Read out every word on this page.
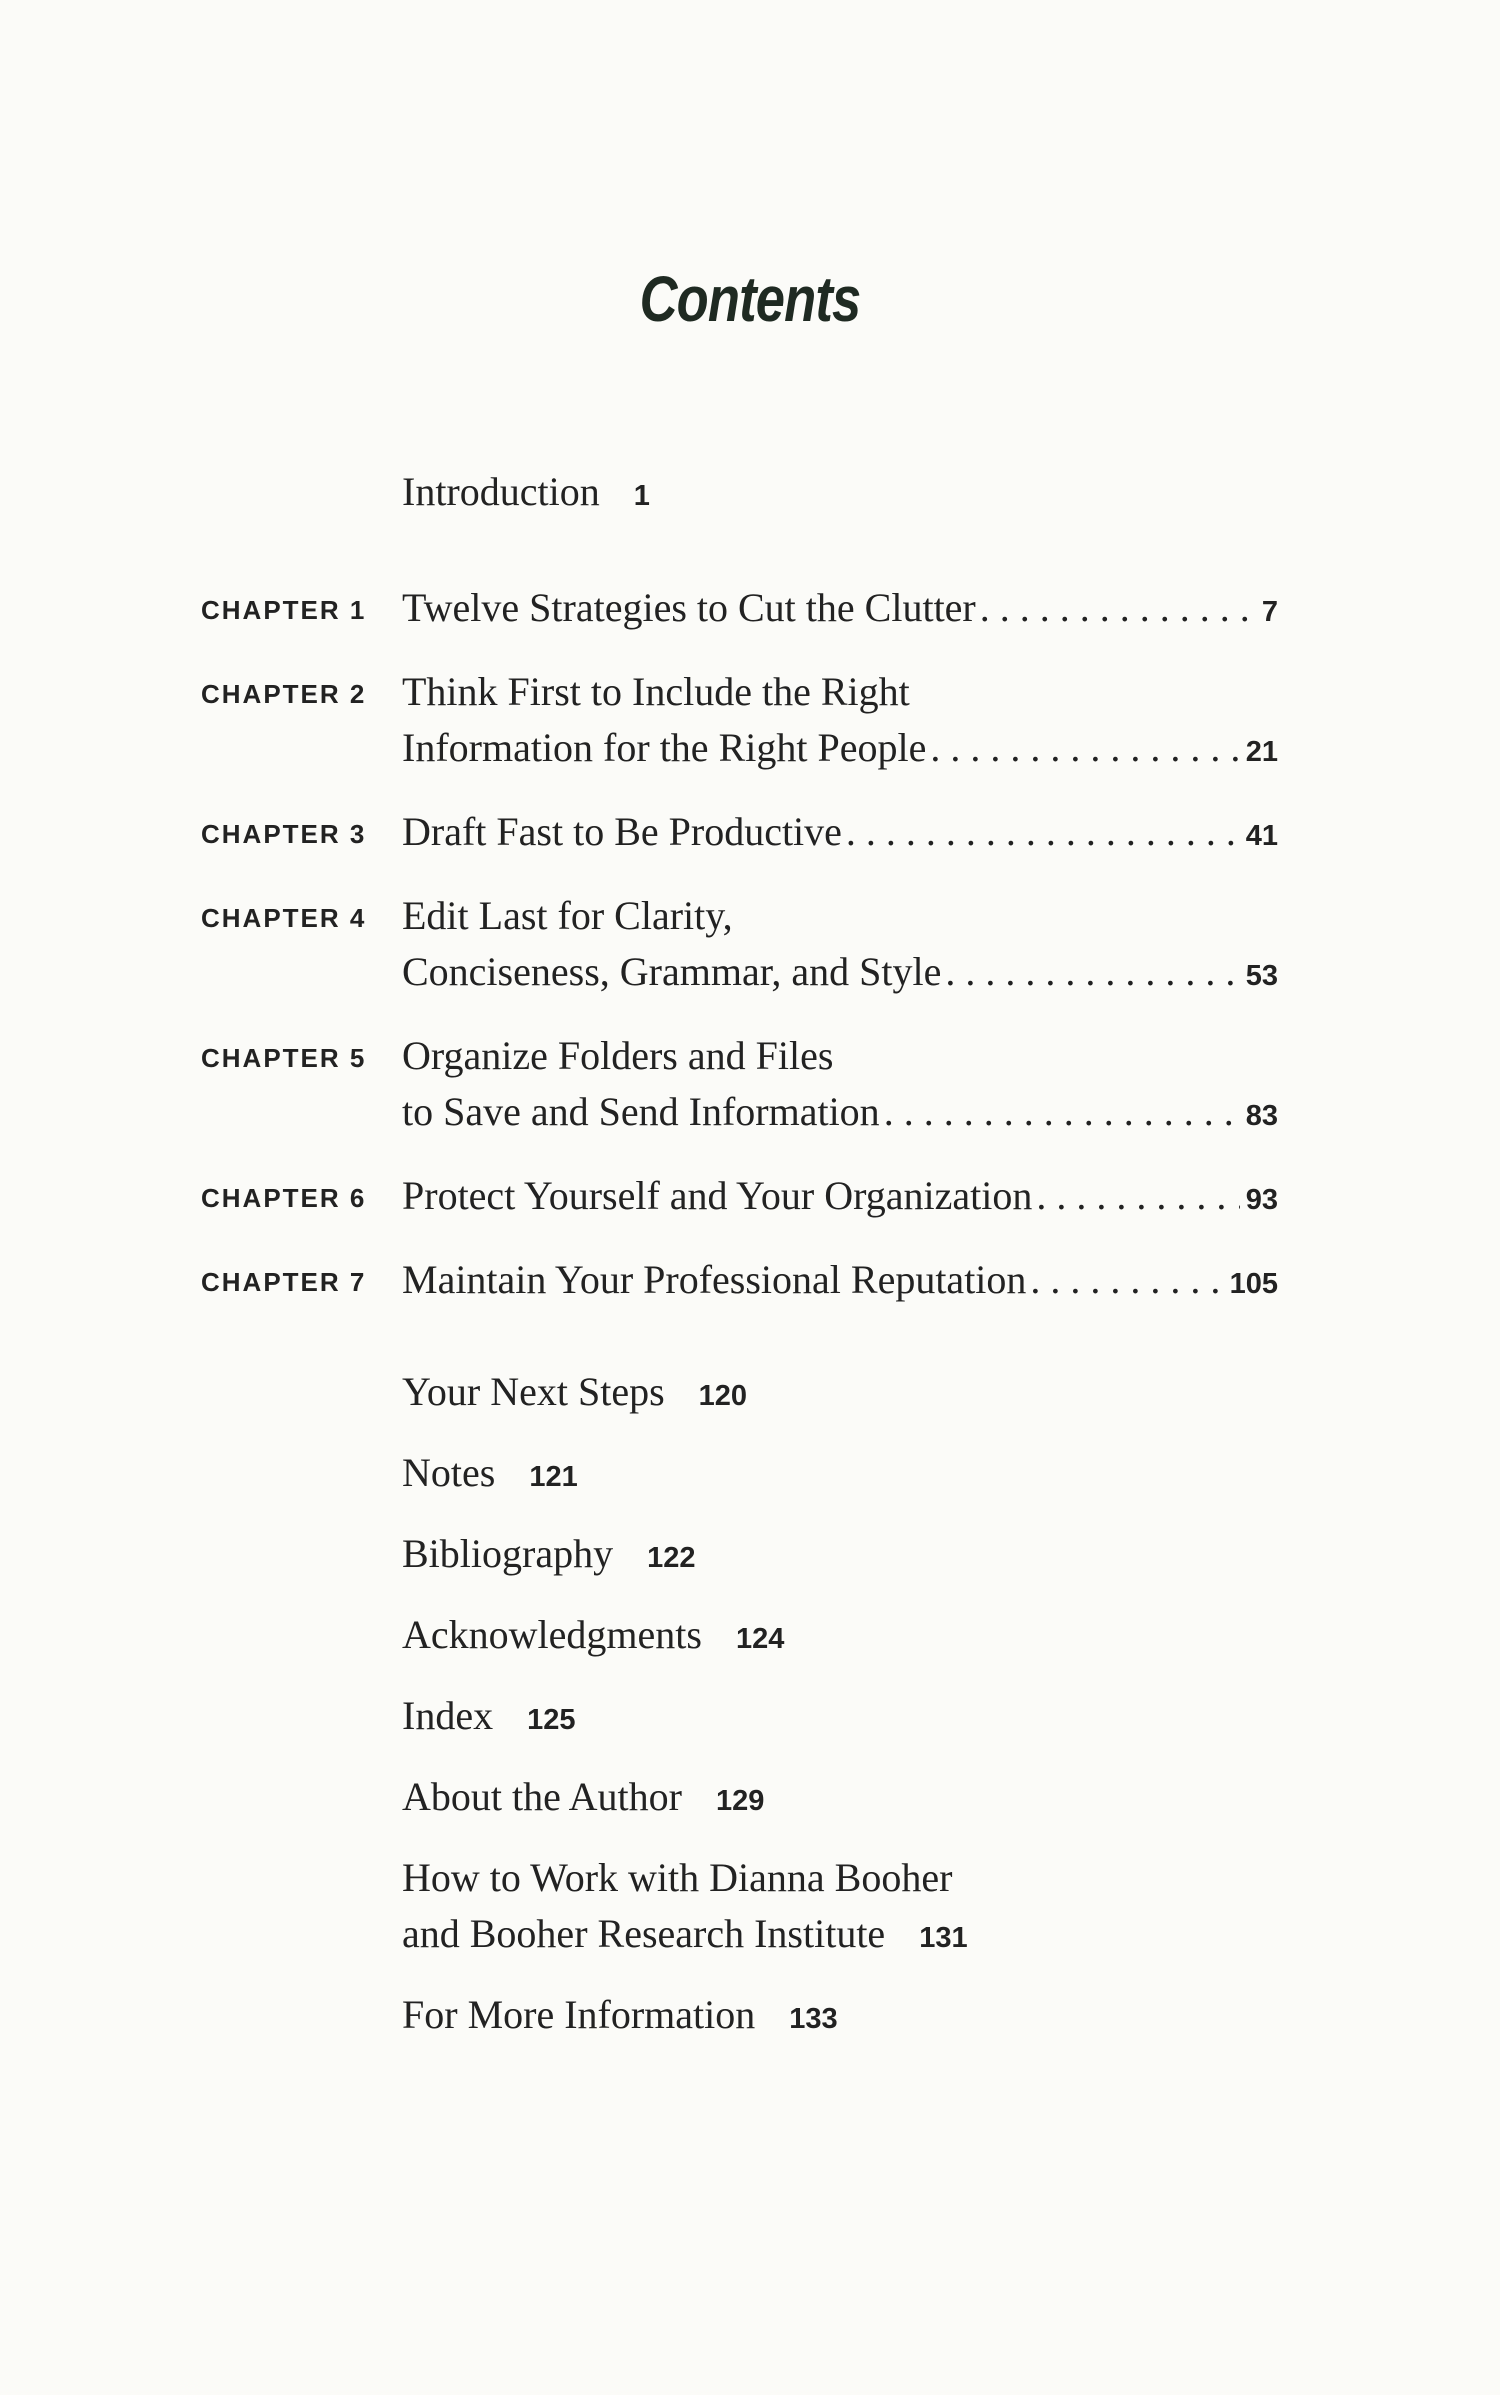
Contents
Introduction 1
CHAPTER 1 Twelve Strategies to Cut the Clutter . . .	7
CHAPTER 2 Think First to Include the Right
Information for the Right People . . .	21
CHAPTER 3 Draft Fast to Be Productive . . .	41
CHAPTER 4 Edit Last for Clarity,
Conciseness, Grammar, and Style . . .	53
CHAPTER 5 Organize Folders and Files
to Save and Send Information . . .	83
CHAPTER 6 Protect Yourself and Your Organization . . .	93
CHAPTER 7 Maintain Your Professional Reputation . . .	105
Your Next Steps 120
Notes 121
Bibliography 122
Acknowledgments 124
Index 125
About the Author 129
How to Work with Dianna Booher
and Booher Research Institute 131
For More Information 133
